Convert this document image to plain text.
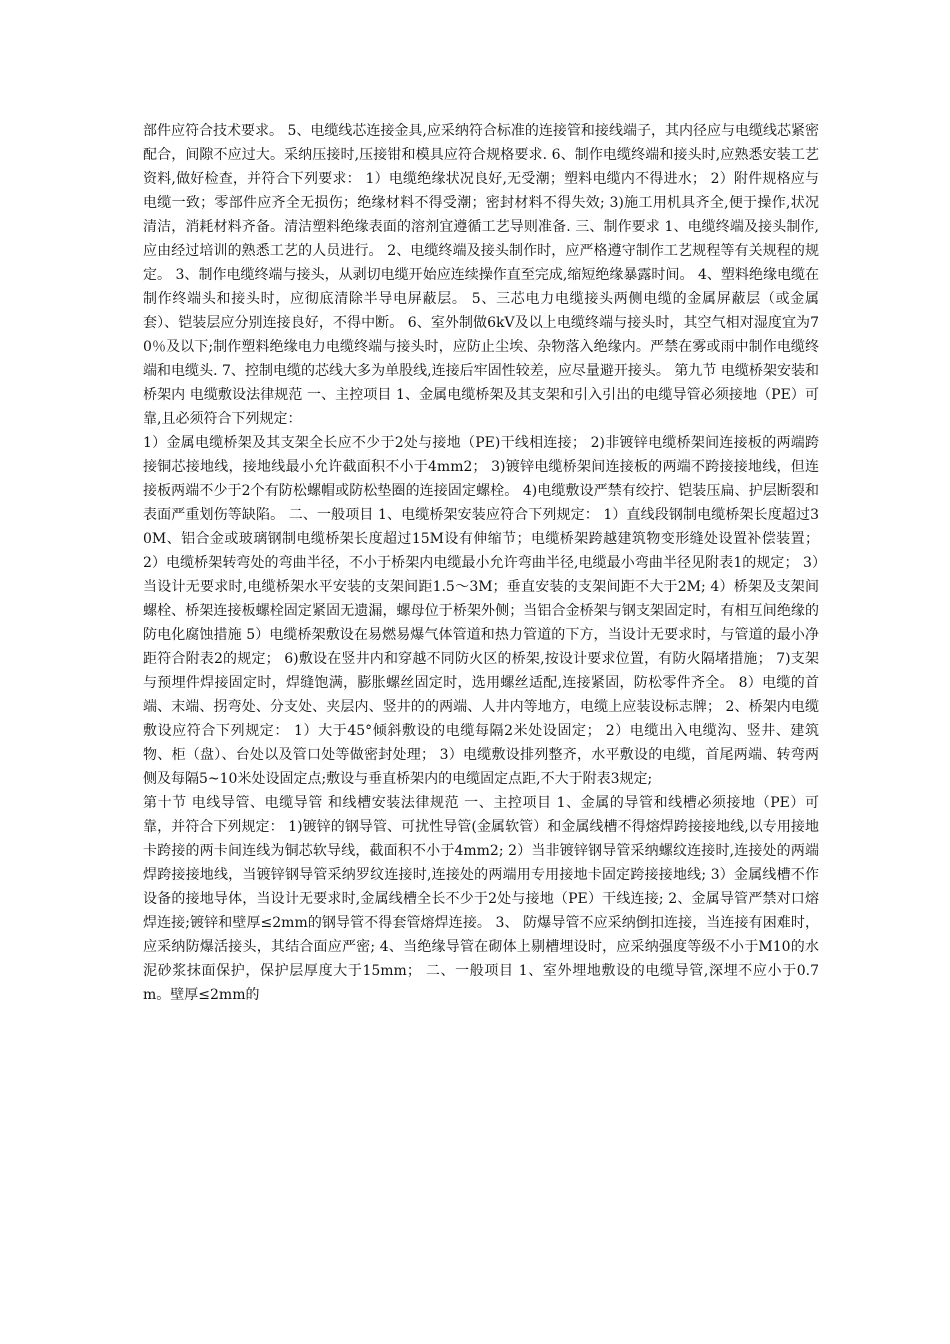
部件应符合技术要求。 5、电缆线芯连接金具,应采纳符合标准的连接管和接线端子，其内径应与电缆线芯紧密配合，间隙不应过大。采纳压接时,压接钳和模具应符合规格要求. 6、制作电缆终端和接头时,应熟悉安装工艺资料,做好检查，并符合下列要求： 1）电缆绝缘状况良好,无受潮；塑料电缆内不得进水； 2）附件规格应与电缆一致；零部件应齐全无损伤；绝缘材料不得受潮；密封材料不得失效; 3)施工用机具齐全,便于操作,状况清洁，消耗材料齐备。清洁塑料绝缘表面的溶剂宜遵循工艺导则准备. 三、制作要求 1、电缆终端及接头制作,应由经过培训的熟悉工艺的人员进行。 2、电缆终端及接头制作时，应严格遵守制作工艺规程等有关规程的规定。 3、制作电缆终端与接头，从剥切电缆开始应连续操作直至完成,缩短绝缘暴露时间。 4、塑料绝缘电缆在制作终端头和接头时，应彻底清除半导电屏蔽层。 5、三芯电力电缆接头两侧电缆的金属屏蔽层（或金属套）、铠装层应分别连接良好，不得中断。 6、室外制做6kV及以上电缆终端与接头时，其空气相对湿度宜为70％及以下;制作塑料绝缘电力电缆终端与接头时，应防止尘埃、杂物落入绝缘内。严禁在雾或雨中制作电缆终端和电缆头. 7、控制电缆的芯线大多为单股线,连接后牢固性较差，应尽量避开接头。 第九节 电缆桥架安装和桥架内 电缆敷设法律规范 一、主控项目 1、金属电缆桥架及其支架和引入引出的电缆导管必须接地（PE）可靠,且必须符合下列规定：

1）金属电缆桥架及其支架全长应不少于2处与接地（PE)干线相连接； 2)非镀锌电缆桥架间连接板的两端跨接铜芯接地线，接地线最小允许截面积不小于4mm2； 3)镀锌电缆桥架间连接板的两端不跨接接地线，但连接板两端不少于2个有防松螺帽或防松垫圈的连接固定螺栓。 4)电缆敷设严禁有绞拧、铠装压扁、护层断裂和表面严重划伤等缺陷。 二、一般项目 1、电缆桥架安装应符合下列规定： 1）直线段钢制电缆桥架长度超过30M、铝合金或玻璃钢制电缆桥架长度超过15M设有伸缩节；电缆桥架跨越建筑物变形缝处设置补偿装置； 2）电缆桥架转弯处的弯曲半径，不小于桥架内电缆最小允许弯曲半径,电缆最小弯曲半径见附表1的规定； 3）当设计无要求时,电缆桥架水平安装的支架间距1.5～3M；垂直安装的支架间距不大于2M; 4）桥架及支架间螺栓、桥架连接板螺栓固定紧固无遗漏，螺母位于桥架外侧；当铝合金桥架与钢支架固定时，有相互间绝缘的防电化腐蚀措施 5）电缆桥架敷设在易燃易爆气体管道和热力管道的下方，当设计无要求时，与管道的最小净距符合附表2的规定； 6)敷设在竖井内和穿越不同防火区的桥架,按设计要求位置，有防火隔堵措施； 7)支架与预埋件焊接固定时，焊缝饱满，膨胀螺丝固定时，选用螺丝适配,连接紧固，防松零件齐全。 8）电缆的首端、末端、拐弯处、分支处、夹层内、竖井的的两端、人井内等地方，电缆上应装设标志牌； 2、桥架内电缆敷设应符合下列规定： 1）大于45°倾斜敷设的电缆每隔2米处设固定； 2）电缆出入电缆沟、竖井、建筑物、柜（盘）、台处以及管口处等做密封处理； 3）电缆敷设排列整齐，水平敷设的电缆，首尾两端、转弯两侧及每隔5~10米处设固定点;敷设与垂直桥架内的电缆固定点距,不大于附表3规定;

第十节 电线导管、电缆导管 和线槽安装法律规范 一、主控项目 1、金属的导管和线槽必须接地（PE）可靠，并符合下列规定： 1)镀锌的钢导管、可扰性导管(金属软管）和金属线槽不得熔焊跨接接地线,以专用接地卡跨接的两卡间连线为铜芯软导线，截面积不小于4mm2; 2）当非镀锌钢导管采纳螺纹连接时,连接处的两端焊跨接接地线，当镀锌钢导管采纳罗纹连接时,连接处的两端用专用接地卡固定跨接接地线; 3）金属线槽不作设备的接地导体，当设计无要求时,金属线槽全长不少于2处与接地（PE）干线连接; 2、金属导管严禁对口熔焊连接;镀锌和壁厚≤2mm的钢导管不得套管熔焊连接。 3、 防爆导管不应采纳倒扣连接，当连接有困难时，应采纳防爆活接头，其结合面应严密; 4、当绝缘导管在砌体上剔槽埋设时，应采纳强度等级不小于M10的水泥砂浆抹面保护，保护层厚度大于15mm； 二、一般项目 1、室外埋地敷设的电缆导管,深埋不应小于0.7m。壁厚≤2mm的
